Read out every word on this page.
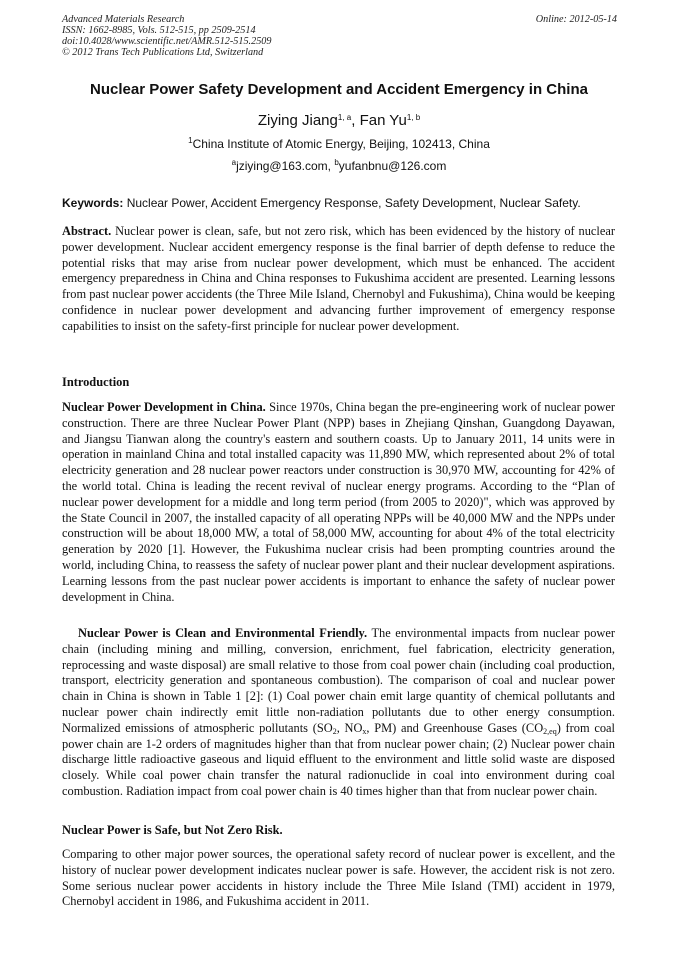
Advanced Materials Research
ISSN: 1662-8985, Vols. 512-515, pp 2509-2514
doi:10.4028/www.scientific.net/AMR.512-515.2509
© 2012 Trans Tech Publications Ltd, Switzerland
Online: 2012-05-14
Nuclear Power Safety Development and Accident Emergency in China
Ziying Jiang$^{1, a}$, Fan Yu$^{1, b}$
$^1$China Institute of Atomic Energy, Beijing, 102413, China
$^a$jziying@163.com, $^b$yufanbnu@126.com
Keywords: Nuclear Power, Accident Emergency Response, Safety Development, Nuclear Safety.
Abstract. Nuclear power is clean, safe, but not zero risk, which has been evidenced by the history of nuclear power development. Nuclear accident emergency response is the final barrier of depth defense to reduce the potential risks that may arise from nuclear power development, which must be enhanced. The accident emergency preparedness in China and China responses to Fukushima accident are presented. Learning lessons from past nuclear power accidents (the Three Mile Island, Chernobyl and Fukushima), China would be keeping confidence in nuclear power development and advancing further improvement of emergency response capabilities to insist on the safety-first principle for nuclear power development.
Introduction
Nuclear Power Development in China. Since 1970s, China began the pre-engineering work of nuclear power construction. There are three Nuclear Power Plant (NPP) bases in Zhejiang Qinshan, Guangdong Dayawan, and Jiangsu Tianwan along the country's eastern and southern coasts. Up to January 2011, 14 units were in operation in mainland China and total installed capacity was 11,890 MW, which represented about 2% of total electricity generation and 28 nuclear power reactors under construction is 30,970 MW, accounting for 42% of the world total. China is leading the recent revival of nuclear energy programs. According to the “Plan of nuclear power development for a middle and long term period (from 2005 to 2020)", which was approved by the State Council in 2007, the installed capacity of all operating NPPs will be 40,000 MW and the NPPs under construction will be about 18,000 MW, a total of 58,000 MW, accounting for about 4% of the total electricity generation by 2020 [1]. However, the Fukushima nuclear crisis had been prompting countries around the world, including China, to reassess the safety of nuclear power plant and their nuclear development aspirations. Learning lessons from the past nuclear power accidents is important to enhance the safety of nuclear power development in China.
Nuclear Power is Clean and Environmental Friendly. The environmental impacts from nuclear power chain (including mining and milling, conversion, enrichment, fuel fabrication, electricity generation, reprocessing and waste disposal) are small relative to those from coal power chain (including coal production, transport, electricity generation and spontaneous combustion). The comparison of coal and nuclear power chain in China is shown in Table 1 [2]: (1) Coal power chain emit large quantity of chemical pollutants and nuclear power chain indirectly emit little non-radiation pollutants due to other energy consumption. Normalized emissions of atmospheric pollutants ($SO_2$, $NO_x$, PM) and Greenhouse Gases $(CO_{2,eq})$ from coal power chain are 1-2 orders of magnitudes higher than that from nuclear power chain; (2) Nuclear power chain discharge little radioactive gaseous and liquid effluent to the environment and little solid waste are disposed closely. While coal power chain transfer the natural radionuclide in coal into environment during coal combustion. Radiation impact from coal power chain is 40 times higher than that from nuclear power chain.
Nuclear Power is Safe, but Not Zero Risk.
Comparing to other major power sources, the operational safety record of nuclear power is excellent, and the history of nuclear power development indicates nuclear power is safe. However, the accident risk is not zero. Some serious nuclear power accidents in history include the Three Mile Island (TMI) accident in 1979, Chernobyl accident in 1986, and Fukushima accident in 2011.
